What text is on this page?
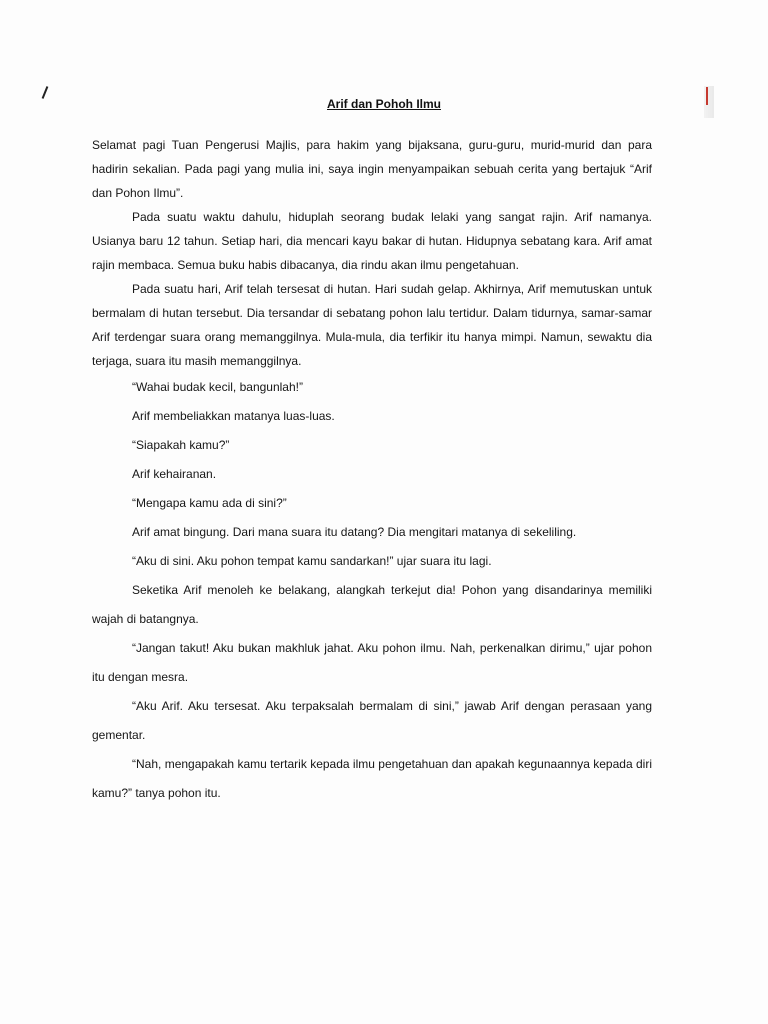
Arif dan Pohoh Ilmu

Selamat pagi Tuan Pengerusi Majlis, para hakim yang bijaksana, guru-guru, murid-murid dan para hadirin sekalian. Pada pagi yang mulia ini, saya ingin menyampaikan sebuah cerita yang bertajuk “Arif dan Pohon Ilmu”.

Pada suatu waktu dahulu, hiduplah seorang budak lelaki yang sangat rajin. Arif namanya. Usianya baru 12 tahun. Setiap hari, dia mencari kayu bakar di hutan. Hidupnya sebatang kara. Arif amat rajin membaca. Semua buku habis dibacanya, dia rindu akan ilmu pengetahuan.

Pada suatu hari, Arif telah tersesat di hutan. Hari sudah gelap. Akhirnya, Arif memutuskan untuk bermalam di hutan tersebut. Dia tersandar di sebatang pohon lalu tertidur. Dalam tidurnya, samar-samar Arif terdengar suara orang memanggilnya. Mula-mula, dia terfikir itu hanya mimpi. Namun, sewaktu dia terjaga, suara itu masih memanggilnya.

“Wahai budak kecil, bangunlah!”

Arif membeliakkan matanya luas-luas.

“Siapakah kamu?”

Arif kehairanan.

“Mengapa kamu ada di sini?”

Arif amat bingung. Dari mana suara itu datang? Dia mengitari matanya di sekeliling.

“Aku di sini. Aku pohon tempat kamu sandarkan!” ujar suara itu lagi.

Seketika Arif menoleh ke belakang, alangkah terkejut dia! Pohon yang disandarinya memiliki wajah di batangnya.

“Jangan takut! Aku bukan makhluk jahat. Aku pohon ilmu. Nah, perkenalkan dirimu,” ujar pohon itu dengan mesra.

“Aku Arif. Aku tersesat. Aku terpaksalah bermalam di sini,” jawab Arif dengan perasaan yang gementar.

“Nah, mengapakah kamu tertarik kepada ilmu pengetahuan dan apakah kegunaannya kepada diri kamu?” tanya pohon itu.
